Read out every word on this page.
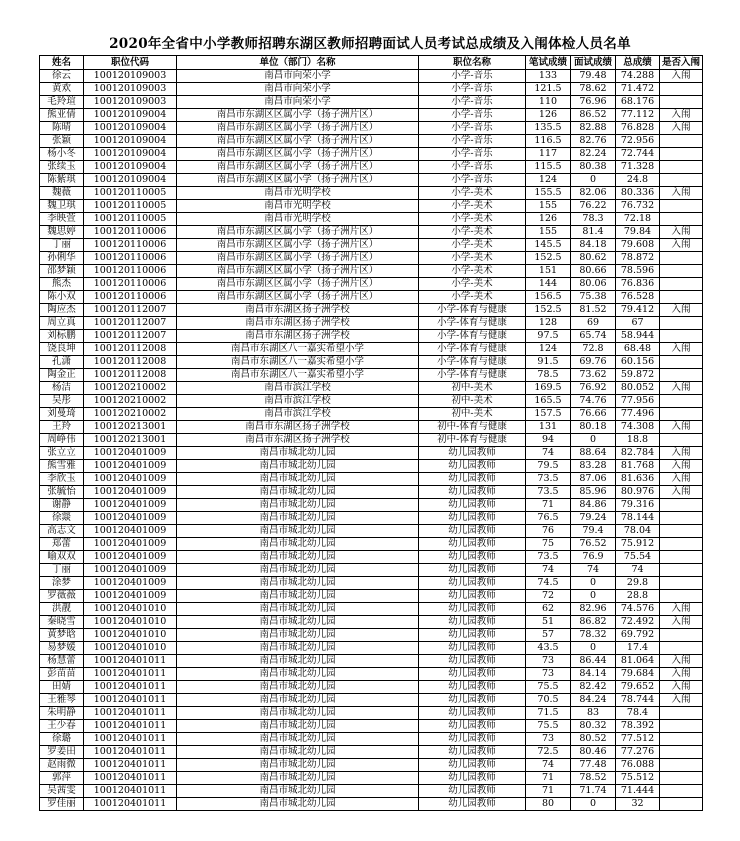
2020年全省中小学教师招聘东湖区教师招聘面试人员考试总成绩及入闱体检人员名单
姓名	职位代码	单位（部门）名称	职位名称	笔试成绩	面试成绩	总成绩	是否入闱
徐云	100120109003	南昌市向荣小学	小学-音乐	133	79.48	74.288	入闱
黄欢	100120109003	南昌市向荣小学	小学-音乐	121.5	78.62	71.472	
毛羚瑄	100120109003	南昌市向荣小学	小学-音乐	110	76.96	68.176	
熊亚倩	100120109004	南昌市东湖区区属小学（扬子洲片区）	小学-音乐	126	86.52	77.112	入闱
陈晴	100120109004	南昌市东湖区区属小学（扬子洲片区）	小学-音乐	135.5	82.88	76.828	入闱
张颖	100120109004	南昌市东湖区区属小学（扬子洲片区）	小学-音乐	116.5	82.76	72.956	
杨小冬	100120109004	南昌市东湖区区属小学（扬子洲片区）	小学-音乐	117	82.24	72.744	
张续玉	100120109004	南昌市东湖区区属小学（扬子洲片区）	小学-音乐	115.5	80.38	71.328	
陈紫琪	100120109004	南昌市东湖区区属小学（扬子洲片区）	小学-音乐	124	0	24.8	
魏薇	100120110005	南昌市光明学校	小学-美术	155.5	82.06	80.336	入闱
魏卫琪	100120110005	南昌市光明学校	小学-美术	155	76.22	76.732	
李映萱	100120110005	南昌市光明学校	小学-美术	126	78.3	72.18	
魏思婷	100120110006	南昌市东湖区区属小学（扬子洲片区）	小学-美术	155	81.4	79.84	入闱
丁丽	100120110006	南昌市东湖区区属小学（扬子洲片区）	小学-美术	145.5	84.18	79.608	入闱
孙俐华	100120110006	南昌市东湖区区属小学（扬子洲片区）	小学-美术	152.5	80.62	78.872	
邵梦颖	100120110006	南昌市东湖区区属小学（扬子洲片区）	小学-美术	151	80.66	78.596	
熊杰	100120110006	南昌市东湖区区属小学（扬子洲片区）	小学-美术	144	80.06	76.836	
陈小双	100120110006	南昌市东湖区区属小学（扬子洲片区）	小学-美术	156.5	75.38	76.528	
陶应杰	100120112007	南昌市东湖区扬子洲学校	小学-体育与健康	152.5	81.52	79.412	入闱
周立真	100120112007	南昌市东湖区扬子洲学校	小学-体育与健康	128	69	67	
刘标鹏	100120112007	南昌市东湖区扬子洲学校	小学-体育与健康	97.5	65.74	58.944	
饶良坤	100120112008	南昌市东湖区八一嘉实希望小学	小学-体育与健康	124	72.8	68.48	入闱
孔潇	100120112008	南昌市东湖区八一嘉实希望小学	小学-体育与健康	91.5	69.76	60.156	
陶金正	100120112008	南昌市东湖区八一嘉实希望小学	小学-体育与健康	78.5	73.62	59.872	
杨洁	100120210002	南昌市滨江学校	初中-美术	169.5	76.92	80.052	入闱
吴彤	100120210002	南昌市滨江学校	初中-美术	165.5	74.76	77.956	
刘曼琦	100120210002	南昌市滨江学校	初中-美术	157.5	76.66	77.496	
王羚	100120213001	南昌市东湖区扬子洲学校	初中-体育与健康	131	80.18	74.308	入闱
周峥伟	100120213001	南昌市东湖区扬子洲学校	初中-体育与健康	94	0	18.8	
张立立	100120401009	南昌市城北幼儿园	幼儿园教师	74	88.64	82.784	入闱
熊雪雅	100120401009	南昌市城北幼儿园	幼儿园教师	79.5	83.28	81.768	入闱
李欣玉	100120401009	南昌市城北幼儿园	幼儿园教师	73.5	87.06	81.636	入闱
张毓怡	100120401009	南昌市城北幼儿园	幼儿园教师	73.5	85.96	80.976	入闱
谢静	100120401009	南昌市城北幼儿园	幼儿园教师	71	84.86	79.316	
徐燚	100120401009	南昌市城北幼儿园	幼儿园教师	76.5	79.24	78.144	
高志文	100120401009	南昌市城北幼儿园	幼儿园教师	76	79.4	78.04	
郑蕾	100120401009	南昌市城北幼儿园	幼儿园教师	75	76.52	75.912	
喻双双	100120401009	南昌市城北幼儿园	幼儿园教师	73.5	76.9	75.54	
丁丽	100120401009	南昌市城北幼儿园	幼儿园教师	74	74	74	
涂梦	100120401009	南昌市城北幼儿园	幼儿园教师	74.5	0	29.8	
罗薇薇	100120401009	南昌市城北幼儿园	幼儿园教师	72	0	28.8	
洪靓	100120401010	南昌市城北幼儿园	幼儿园教师	62	82.96	74.576	入闱
秦晓雪	100120401010	南昌市城北幼儿园	幼儿园教师	51	86.82	72.492	入闱
黄梦晗	100120401010	南昌市城北幼儿园	幼儿园教师	57	78.32	69.792	
易梦媛	100120401010	南昌市城北幼儿园	幼儿园教师	43.5	0	17.4	
杨慧蕾	100120401011	南昌市城北幼儿园	幼儿园教师	73	86.44	81.064	入闱
彭苗苗	100120401011	南昌市城北幼儿园	幼儿园教师	73	84.14	79.684	入闱
田婧	100120401011	南昌市城北幼儿园	幼儿园教师	75.5	82.42	79.652	入闱
王雅琴	100120401011	南昌市城北幼儿园	幼儿园教师	70.5	84.24	78.744	入闱
朱明静	100120401011	南昌市城北幼儿园	幼儿园教师	71.5	83	78.4	
王少春	100120401011	南昌市城北幼儿园	幼儿园教师	75.5	80.32	78.392	
徐璐	100120401011	南昌市城北幼儿园	幼儿园教师	73	80.52	77.512	
罗姜田	100120401011	南昌市城北幼儿园	幼儿园教师	72.5	80.46	77.276	
赵雨微	100120401011	南昌市城北幼儿园	幼儿园教师	74	77.48	76.088	
郭萍	100120401011	南昌市城北幼儿园	幼儿园教师	71	78.52	75.512	
吴茜雯	100120401011	南昌市城北幼儿园	幼儿园教师	71	71.74	71.444	
罗佳丽	100120401011	南昌市城北幼儿园	幼儿园教师	80	0	32	
